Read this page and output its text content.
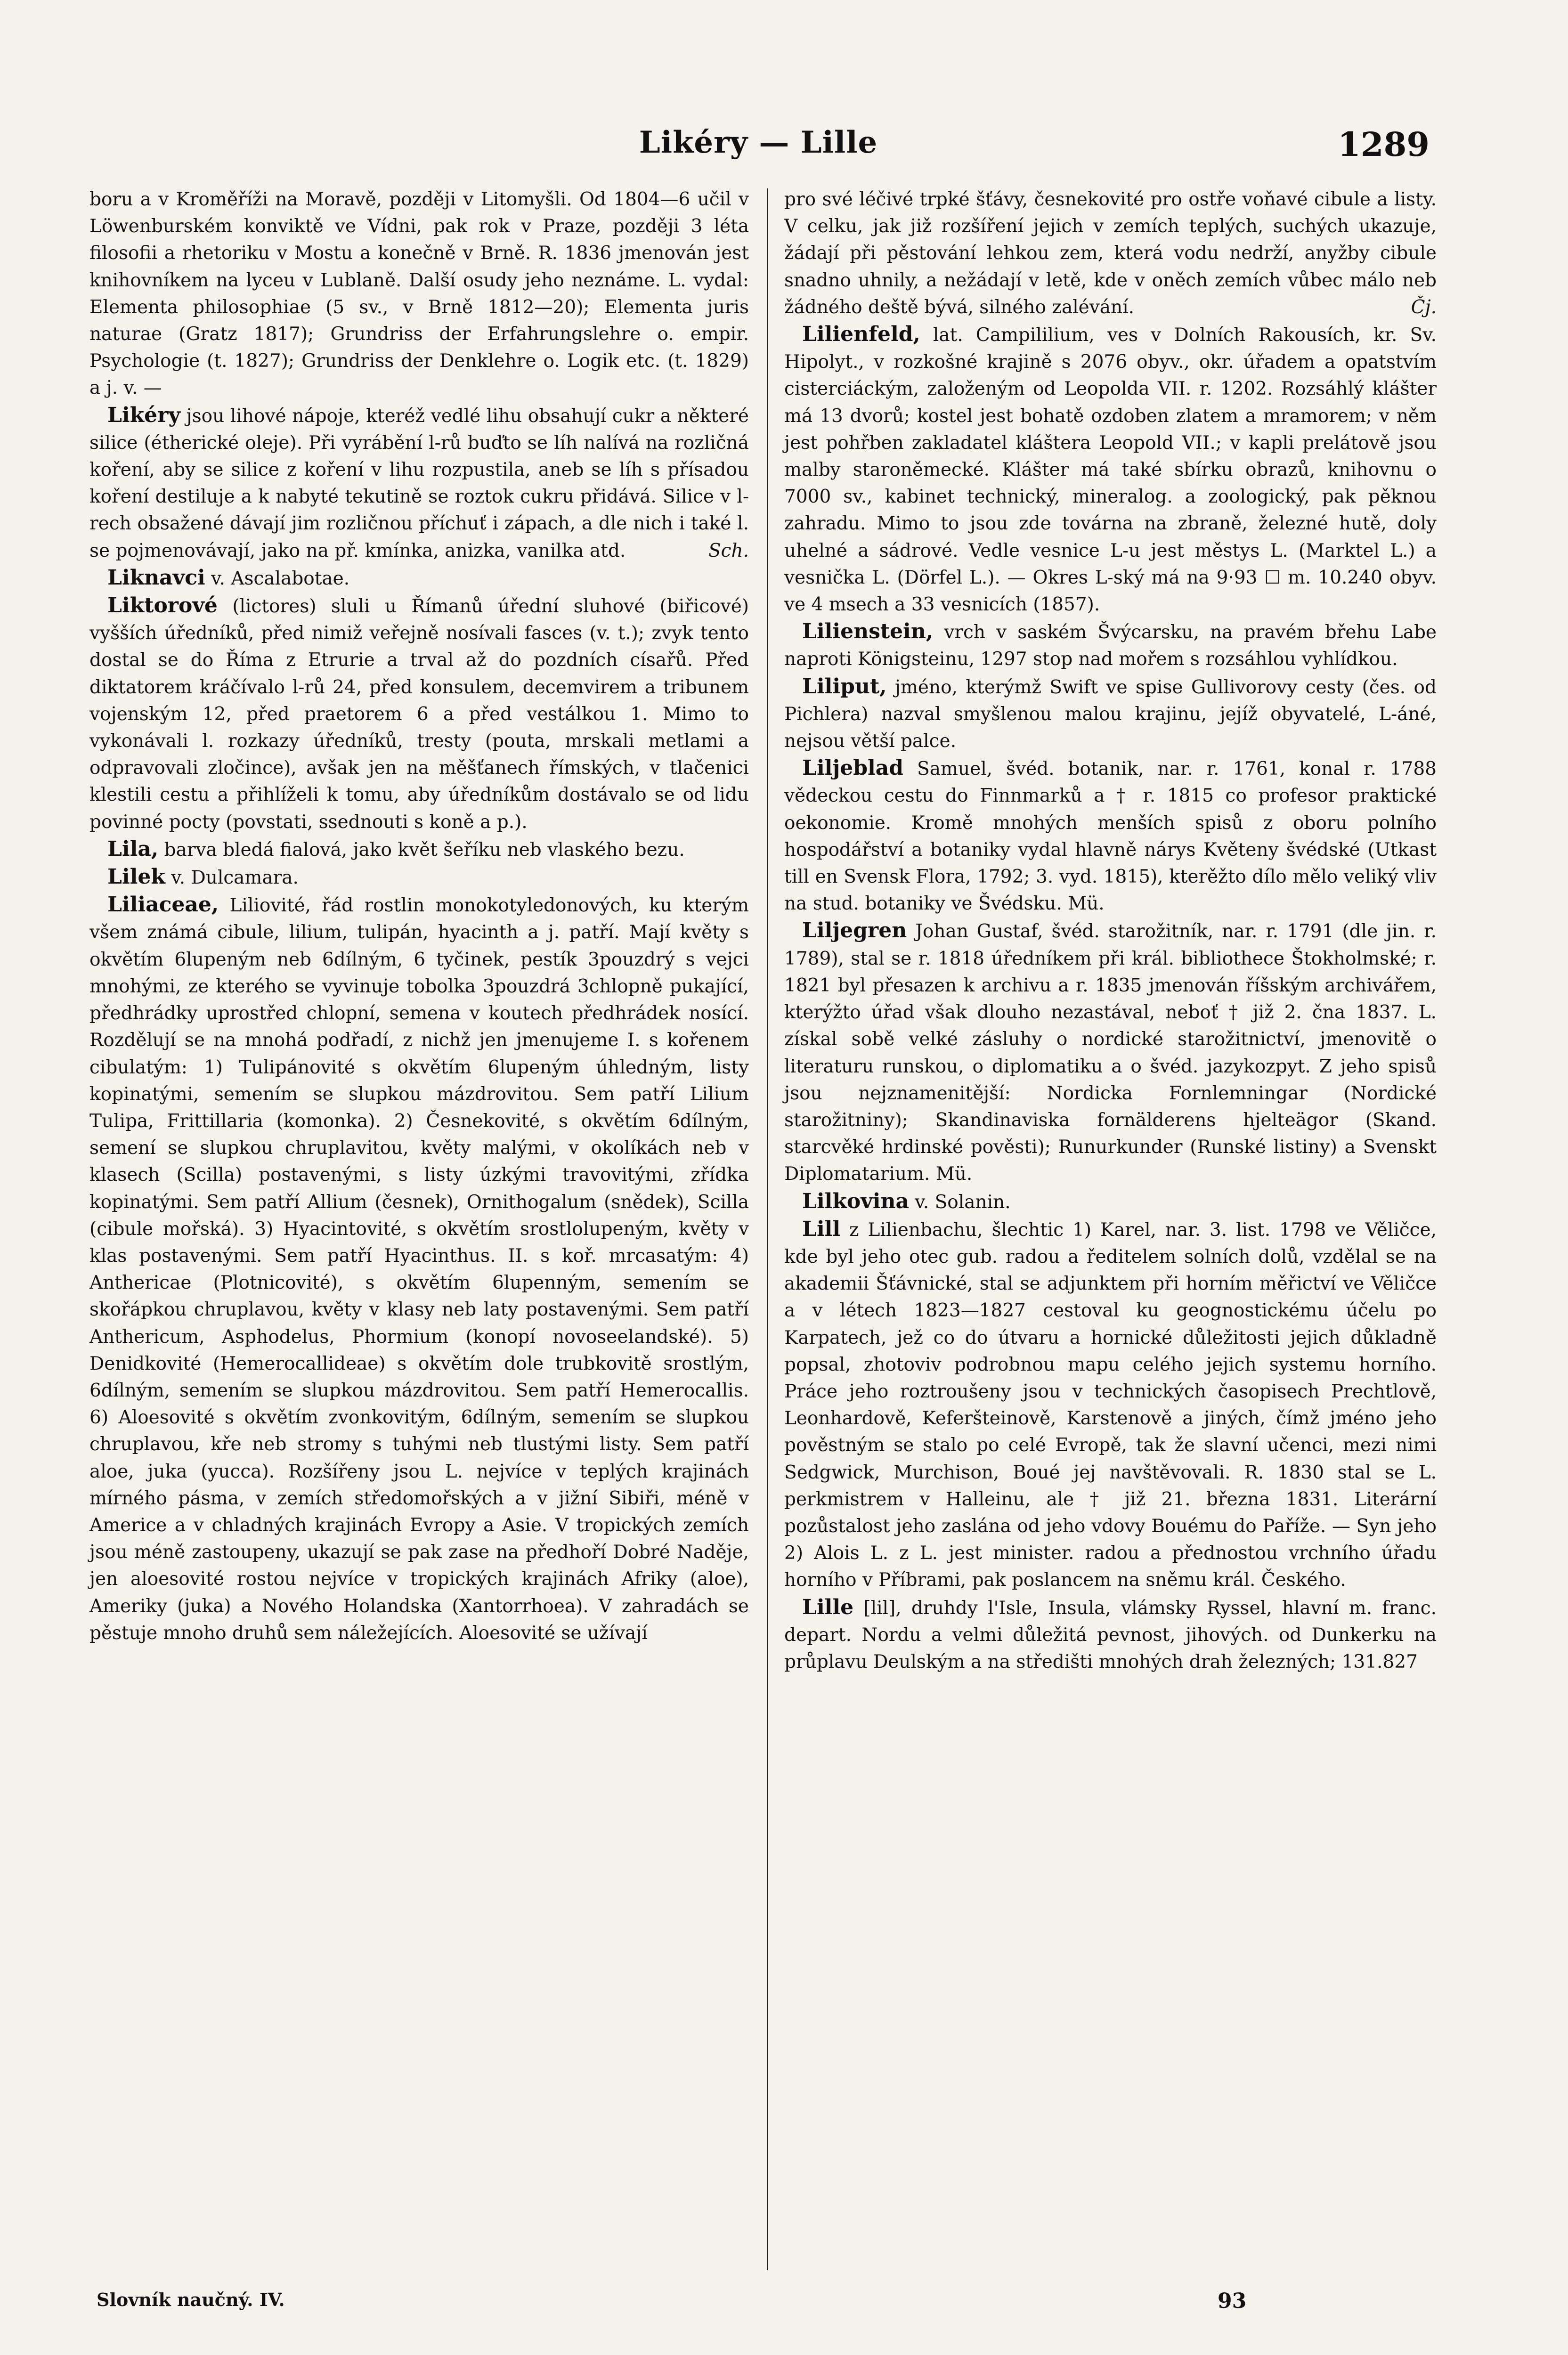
Likéry — Lille	1289

boru a v Kroměříži na Moravě, později v Litomyšli. Od 1804—6 učil v Löwenburském konviktě ve Vídni, pak rok v Praze, později 3 léta filosofii a rhetoriku v Mostu a konečně v Brně. R. 1836 jmenován jest knihovníkem na lyceu v Lublaně. Další osudy jeho neznáme. L. vydal: Elementa philosophiae (5 sv., v Brně 1812—20); Elementa juris naturae (Gratz 1817); Grundriss der Erfahrungslehre o. empir. Psychologie (t. 1827); Grundriss der Denklehre o. Logik etc. (t. 1829) a j. v. —

Likéry jsou lihové nápoje, kteréž vedlé lihu obsahují cukr a některé silice (étherické oleje). Při vyrábění l-rů buďto se líh nalívá na rozličná koření, aby se silice z koření v lihu rozpustila, aneb se líh s přísadou koření destiluje a k nabyté tekutině se roztok cukru přidává. Silice v l-rech obsažené dávají jim rozličnou příchuť i zápach, a dle nich i také l. se pojmenovávají, jako na př. kmínka, anizka, vanilka atd.	Sch.

Liknavci v. Ascalabotae.

Liktorové (lictores) sluli u Římanů úřední sluhové (biřicové) vyšších úředníků, před nimiž veřejně nosívali fasces (v. t.); zvyk tento dostal se do Říma z Etrurie a trval až do pozdních císařů. Před diktatorem kráčívalo l-rů 24, před konsulem, decemvirem a tribunem vojenským 12, před praetorem 6 a před vestálkou 1. Mimo to vykonávali l. rozkazy úředníků, tresty (pouta, mrskali metlami a odpravovali zločince), avšak jen na měšťanech římských, v tlačenici klestili cestu a přihlíželi k tomu, aby úředníkům dostávalo se od lidu povinné pocty (povstati, ssednouti s koně a p.).

Lila, barva bledá fialová, jako květ šeříku neb vlaského bezu.

Lilek v. Dulcamara.

Liliaceae, Liliovité, řád rostlin monokotyledonových, ku kterým všem známá cibule, lilium, tulipán, hyacinth a j. patří. Mají květy s okvětím 6lupeným neb 6dílným, 6 tyčinek, pestík 3pouzdrý s vejci mnohými, ze kterého se vyvinuje tobolka 3pouzdrá 3chlopně pukající, předhrádky uprostřed chlopní, semena v koutech předhrádek nosící. Rozdělují se na mnohá podřadí, z nichž jen jmenujeme I. s kořenem cibulatým: 1) Tulipánovité s okvětím 6lupeným úhledným, listy kopinatými, semením se slupkou mázdrovitou. Sem patří Lilium Tulipa, Frittillaria (komonka). 2) Česnekovité, s okvětím 6dílným, semení se slupkou chruplavitou, květy malými, v okolíkách neb v klasech (Scilla) postavenými, s listy úzkými travovitými, zřídka kopinatými. Sem patří Allium (česnek), Ornithogalum (snědek), Scilla (cibule mořská). 3) Hyacintovité, s okvětím srostlolupeným, květy v klas postavenými. Sem patří Hyacinthus. II. s koř. mrcasatým: 4) Anthericae (Plotnicovité), s okvětím 6lupenným, semením se skořápkou chruplavou, květy v klasy neb laty postavenými. Sem patří Anthericum, Asphodelus, Phormium (konopí novoseelandské). 5) Denidkovité (Hemerocallideae) s okvětím dole trubkovitě srostlým, 6dílným, semením se slupkou mázdrovitou. Sem patří Hemerocallis. 6) Aloesovité s okvětím zvonkovitým, 6dílným, semením se slupkou chruplavou, kře neb stromy s tuhými neb tlustými listy. Sem patří aloe, juka (yucca). Rozšířeny jsou L. nejvíce v teplých krajinách mírného pásma, v zemích středomořských a v jižní Sibiři, méně v Americe a v chladných krajinách Evropy a Asie. V tropických zemích jsou méně zastoupeny, ukazují se pak zase na předhoří Dobré Naděje, jen aloesovité rostou nejvíce v tropických krajinách Afriky (aloe), Ameriky (juka) a Nového Holandska (Xantorrhoea). V zahradách se pěstuje mnoho druhů sem náležejících. Aloesovité se užívají

pro své léčivé trpké šťávy, česnekovité pro ostře voňavé cibule a listy. V celku, jak již rozšíření jejich v zemích teplých, suchých ukazuje, žádají při pěstování lehkou zem, která vodu nedrží, anyžby cibule snadno uhnily, a nežádají v letě, kde v oněch zemích vůbec málo neb žádného deště bývá, silného zalévání.	Čj.

Lilienfeld, lat. Campililium, ves v Dolních Rakousích, kr. Sv. Hipolyt., v rozkošné krajině s 2076 obyv., okr. úřadem a opatstvím cisterciáckým, založeným od Leopolda VII. r. 1202. Rozsáhlý klášter má 13 dvorů; kostel jest bohatě ozdoben zlatem a mramorem; v něm jest pohřben zakladatel kláštera Leopold VII.; v kapli prelátově jsou malby staroněmecké. Klášter má také sbírku obrazů, knihovnu o 7000 sv., kabinet technický, mineralog. a zoologický, pak pěknou zahradu. Mimo to jsou zde továrna na zbraně, železné hutě, doly uhelné a sádrové. Vedle vesnice L-u jest městys L. (Marktel L.) a vesnička L. (Dörfel L.). — Okres L-ský má na 9·93 ☐ m. 10.240 obyv. ve 4 msech a 33 vesnicích (1857).

Lilienstein, vrch v saském Švýcarsku, na pravém břehu Labe naproti Königsteinu, 1297 stop nad mořem s rozsáhlou vyhlídkou.

Liliput, jméno, kterýmž Swift ve spise Gullivorovy cesty (čes. od Pichlera) nazval smyšlenou malou krajinu, jejíž obyvatelé, L-áné, nejsou větší palce.

Liljeblad Samuel, švéd. botanik, nar. r. 1761, konal r. 1788 vědeckou cestu do Finnmarků a † r. 1815 co profesor praktické oekonomie. Kromě mnohých menších spisů z oboru polního hospodářství a botaniky vydal hlavně nárys Květeny švédské (Utkast till en Svensk Flora, 1792; 3. vyd. 1815), kterěžto dílo mělo veliký vliv na stud. botaniky ve Švédsku. Mü.

Liljegren Johan Gustaf, švéd. starožitník, nar. r. 1791 (dle jin. r. 1789), stal se r. 1818 úředníkem při král. bibliothece Štokholmské; r. 1821 byl přesazen k archivu a r. 1835 jmenován říšským archivářem, kterýžto úřad však dlouho nezastával, neboť † již 2. čna 1837. L. získal sobě velké zásluhy o nordické starožitnictví, jmenovitě o literaturu runskou, o diplomatiku a o švéd. jazykozpyt. Z jeho spisů jsou nejznamenitější: Nordicka Fornlemningar (Nordické starožitniny); Skandinaviska fornälderens hjelteägor (Skand. starcvěké hrdinské pověsti); Runurkunder (Runské listiny) a Svenskt Diplomatarium. Mü.

Lilkovina v. Solanin.

Lill z Lilienbachu, šlechtic 1) Karel, nar. 3. list. 1798 ve Věličce, kde byl jeho otec gub. radou a ředitelem solních dolů, vzdělal se na akademii Šťávnické, stal se adjunktem při horním měřictví ve Věličce a v létech 1823—1827 cestoval ku geognostickému účelu po Karpatech, jež co do útvaru a hornické důležitosti jejich důkladně popsal, zhotoviv podrobnou mapu celého jejich systemu horního. Práce jeho roztroušeny jsou v technických časopisech Prechtlově, Leonhardově, Keferšteinově, Karstenově a jiných, čímž jméno jeho pověstným se stalo po celé Evropě, tak že slavní učenci, mezi nimi Sedgwick, Murchison, Boué jej navštěvovali. R. 1830 stal se L. perkmistrem v Halleinu, ale † již 21. března 1831. Literární pozůstalost jeho zaslána od jeho vdovy Bouému do Paříže. — Syn jeho 2) Alois L. z L. jest minister. radou a přednostou vrchního úřadu horního v Příbrami, pak poslancem na sněmu král. Českého.

Lille [lil], druhdy l'Isle, Insula, vlámsky Ryssel, hlavní m. franc. depart. Nordu a velmi důležitá pevnost, jihových. od Dunkerku na průplavu Deulským a na středišti mnohých drah železných; 131.827

Slovník naučný. IV.	93
